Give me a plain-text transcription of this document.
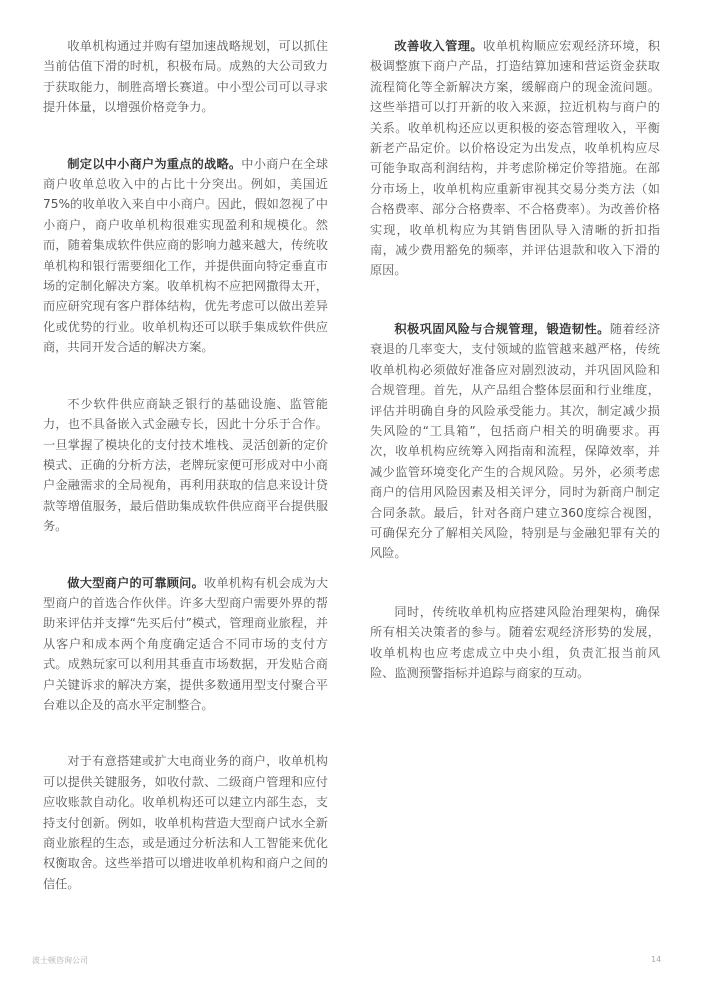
收单机构通过并购有望加速战略规划，可以抓住当前估值下滑的时机，积极布局。成熟的大公司致力于获取能力，制胜高增长赛道。中小型公司可以寻求提升体量，以增强价格竞争力。

制定以中小商户为重点的战略。中小商户在全球商户收单总收入中的占比十分突出。例如，美国近75%的收单收入来自中小商户。因此，假如忽视了中小商户，商户收单机构很难实现盈利和规模化。然而，随着集成软件供应商的影响力越来越大，传统收单机构和银行需要细化工作，并提供面向特定垂直市场的定制化解决方案。收单机构不应把网撒得太开，而应研究现有客户群体结构，优先考虑可以做出差异化或优势的行业。收单机构还可以联手集成软件供应商，共同开发合适的解决方案。

不少软件供应商缺乏银行的基础设施、监管能力，也不具备嵌入式金融专长，因此十分乐于合作。一旦掌握了模块化的支付技术堆栈、灵活创新的定价模式、正确的分析方法，老牌玩家便可形成对中小商户金融需求的全局视角，再利用获取的信息来设计贷款等增值服务，最后借助集成软件供应商平台提供服务。

做大型商户的可靠顾问。收单机构有机会成为大型商户的首选合作伙伴。许多大型商户需要外界的帮助来评估并支撑“先买后付”模式，管理商业旅程，并从客户和成本两个角度确定适合不同市场的支付方式。成熟玩家可以利用其垂直市场数据，开发贴合商户关键诉求的解决方案，提供多数通用型支付聚合平台难以企及的高水平定制整合。

对于有意搭建或扩大电商业务的商户，收单机构可以提供关键服务，如收付款、二级商户管理和应付应收账款自动化。收单机构还可以建立内部生态，支持支付创新。例如，收单机构营造大型商户试水全新商业旅程的生态，或是通过分析法和人工智能来优化权衡取舍。这些举措可以增进收单机构和商户之间的信任。

改善收入管理。收单机构顺应宏观经济环境，积极调整旗下商户产品，打造结算加速和营运资金获取流程简化等全新解决方案，缓解商户的现金流问题。这些举措可以打开新的收入来源，拉近机构与商户的关系。收单机构还应以更积极的姿态管理收入，平衡新老产品定价。以价格设定为出发点，收单机构应尽可能争取高利润结构，并考虑阶梯定价等措施。在部分市场上，收单机构应重新审视其交易分类方法（如合格费率、部分合格费率、不合格费率）。为改善价格实现，收单机构应为其销售团队导入清晰的折扣指南，减少费用豁免的频率，并评估退款和收入下滑的原因。

积极巩固风险与合规管理，锻造韧性。随着经济衰退的几率变大，支付领域的监管越来越严格，传统收单机构必须做好准备应对剧烈波动，并巩固风险和合规管理。首先，从产品组合整体层面和行业维度，评估并明确自身的风险承受能力。其次，制定减少损失风险的“工具箱”，包括商户相关的明确要求。再次，收单机构应统筹入网指南和流程，保障效率，并减少监管环境变化产生的合规风险。另外，必须考虑商户的信用风险因素及相关评分，同时为新商户制定合同条款。最后，针对各商户建立360度综合视图，可确保充分了解相关风险，特别是与金融犯罪有关的风险。

同时，传统收单机构应搭建风险治理架构，确保所有相关决策者的参与。随着宏观经济形势的发展，收单机构也应考虑成立中央小组，负责汇报当前风险、监测预警指标并追踪与商家的互动。

波士顿咨询公司	14
